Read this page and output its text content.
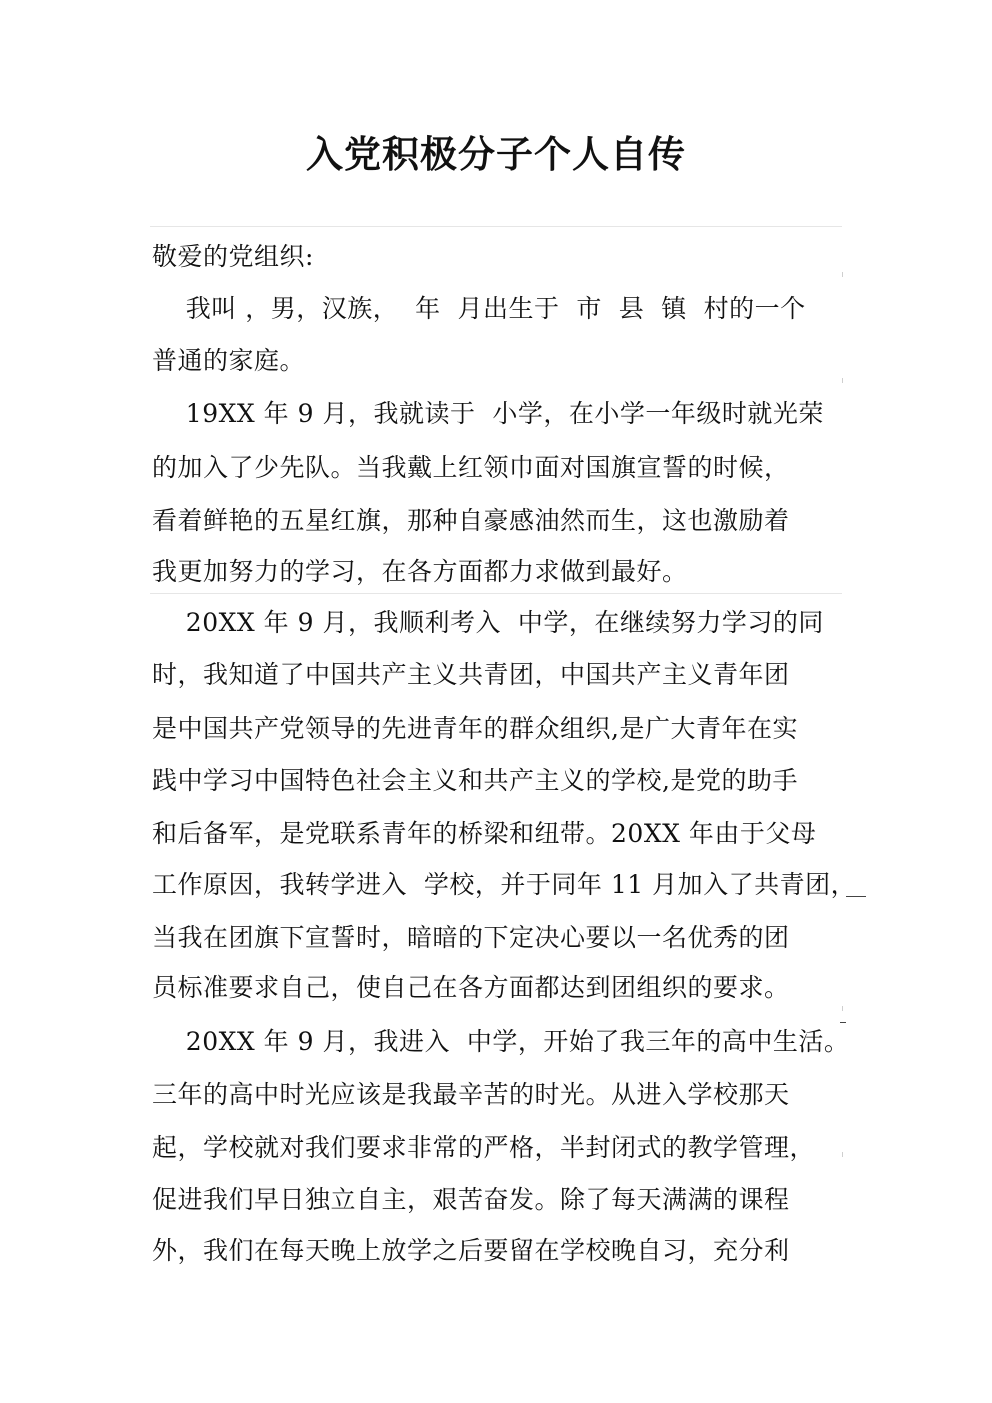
入党积极分子个人自传
敬爱的党组织:
我叫 ，男，汉族，  年  月出生于  市  县  镇  村的一个
普通的家庭。
19XX 年 9 月，我就读于  小学，在小学一年级时就光荣
的加入了少先队。当我戴上红领巾面对国旗宣誓的时候，
看着鲜艳的五星红旗，那种自豪感油然而生，这也激励着
我更加努力的学习，在各方面都力求做到最好。
20XX 年 9 月，我顺利考入  中学，在继续努力学习的同
时，我知道了中国共产主义共青团，中国共产主义青年团
是中国共产党领导的先进青年的群众组织,是广大青年在实
践中学习中国特色社会主义和共产主义的学校,是党的助手
和后备军，是党联系青年的桥梁和纽带。20XX 年由于父母
工作原因，我转学进入  学校，并于同年 11 月加入了共青团，
当我在团旗下宣誓时，暗暗的下定决心要以一名优秀的团
员标准要求自己，使自己在各方面都达到团组织的要求。
20XX 年 9 月，我进入  中学，开始了我三年的高中生活。
三年的高中时光应该是我最辛苦的时光。从进入学校那天
起，学校就对我们要求非常的严格，半封闭式的教学管理，
促进我们早日独立自主，艰苦奋发。除了每天满满的课程
外，我们在每天晚上放学之后要留在学校晚自习，充分利
